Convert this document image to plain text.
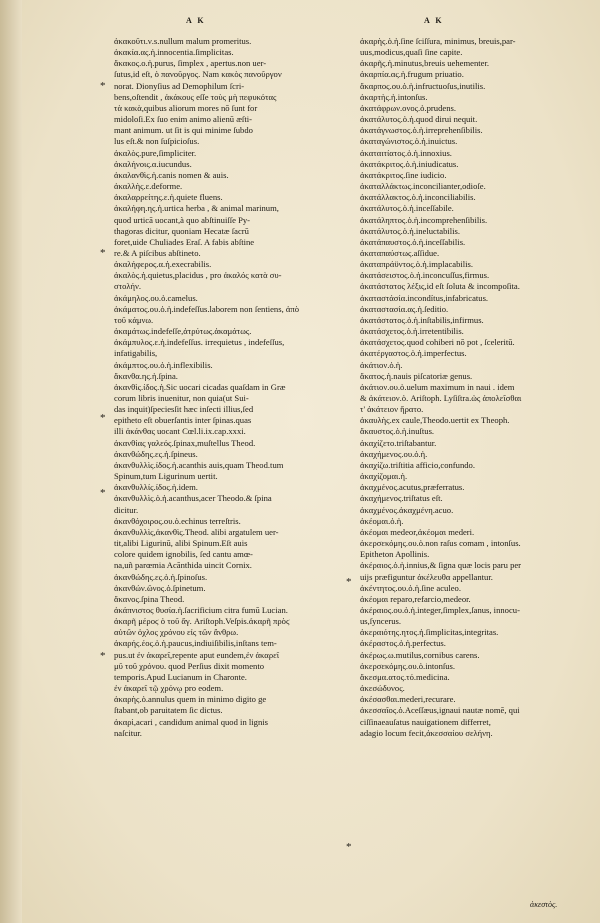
A K	A K

ἀκακοῦτι.ν.s.nullum malum promeritus.

ἀκακία.ας.ἡ.innocentia.ſimplicitas.

ἄκακος.ο.ἡ.purus, ſimplex , apertus.non uer-

ſutus,id eſt, ὁ πανοῦργος. Nam κακὸς πανοῦργον

norat. Dionyſius ad Demophilum ſcri-

bens,oſtendit , ἀκάκους eſſe τοὺς μὴ πεφυκότας

τὰ κακὰ,quibus aliorum mores nō ſunt for

midoloſi.Ex ſuo enim animo alienū æſti-

mant animum. ut ſit is qui minime ſubdo

lus eſt.& non ſuſpicioſus.

ἀκαλὸς.pure,ſimpliciter.

ἀκαλήνοις.α.iucundus.

ἀκαλανθὶς.ἡ.canis nomen & auis.

ἀκαλλὴς.ε.deforme.

ἀκαλαρρείτης.ε.ἡ.quiete fluens.

ἀκαλήφη.ης.ἡ.urtica herba , & animal marinum,

quod urticā uocant,à quo abſtinuiſſe Py-

thagoras dicitur, quoniam Hecatæ ſacrū

foret,uide Chuliades Eraſ. A fabis abſtine

re.& A piſcibus abſtineto.

ἀκαλήφερος.α.ἡ.execrabilis.

ἀκαλὸς.ἡ.quietus,placidus , pro ἀκαλός κατὰ συ-

στολήν.

ἀκάμηλος.ου.ὁ.camelus.

ἀκάματος.ου.ὁ.ἡ.indefeſſus.laborem non ſentiens, ἀπὸ

τοῦ κάμνω.

ἀκαμάτως.indefeſſe,ἀτρύτως.ἀκαμάτως.

ἀκάμπυλος.ε.ἡ.indefeſſus. irrequietus , indefeſſus,

infatigabilis,

ἀκάμπτος.ου.ὁ.ἡ.inflexibilis.

ἄκανθα.ης.ἡ.ſpina.

ἀκανθὶς.ίδος.ἡ.Sic uocari cicadas quaſdam in Græ

corum libris inuenitur, non quia(ut Sui-

das inquit)ſpeciesſit hæc inſecti illius,ſed

epitheto eſt obuerſantis inter ſpinas.quas

illi ἀκάνθας uocant Cœl.li.ix.cap.xxxi.

ἀκανθίας γαλεός.ſpinax,muſtellus Theod.

ἀκανθώδης.ες.ἡ.ſpineus.

ἀκανθυλλὶς.ίδος.ἡ.acanthis auis,quam Theod.tum

Spinum,tum Ligurinum uertit.

ἀκανθυλλίς.ίδος.ἡ.idem.

ἀκανθυλλὶς.ὁ.ἡ.acanthus,acer Theodo.& ſpina

dicitur.

ἀκανθόχοιρος.ου.ὁ.echinus terreſtris.

ἀκανθυλλὶς,ἀκανθὶς.Theod. alibi argatulem uer-

tit,alibi Ligurinū, alibi Spinum.Eſt auis

colore quidem ignobilis, ſed cantu amœ-

na,uñ parœmia Acānthida uincit Cornix.

ἀκανθώδης.ες.ὁ.ἡ.ſpinoſus.

ἀκανθών.ῶνος.ὁ.ſpinetum.

ἄκανος.ſpina Theod.

ἀκάπνιστος θυσία.ἡ.ſacrificium citra fumū Lucian.

ἀκαρῆ μέροϛ ὁ τοῦ ἄγ. Ariſtoph.Veſpis.ἀκαρῆ πρὸϛ

αὐτῶν ὀχλος χρόνου εἰς τῶν ἄνθρω.

ἀκαρής.έος.ὁ.ἡ.paucus,indiuiſibilis,inſtans tem-

pus.ut ἐν ἀκαρεῖ,repente aput eundem,ἐν ἀκαρεῖ

μῦ τοῦ χρόνου. quod Perſius dixit momento

temporis.Apud Lucianum in Charonte.

ἐν ἀκαρεῖ τῷ χρόνῳ pro eodem.

ἀκαρὴς.ὁ.annulus quem in minimo digito ge

ſtabant,ob paruitatem ſic dictus.

ἀκαρὶ,acari , candidum animal quod in lignis

naſcitur.

ἀκαρὴς.ὁ.ἡ.ſine ſciſſura, minimus, breuis,par-

uus,modicus,quaſi ſine capite.

ἀκαρῆς.ἡ.minutus,breuis uehementer.

ἀκαρπία.ας.ἡ.frugum priuatio.

ἄκαρπος.ου.ὁ.ἡ.infructuoſus,inutilis.

ἀκαρτὴς.ἡ.intonſus.

ἀκατάφρων.ονος.ὁ.prudens.

ἀκατάλυτος.ὁ.ἡ.quod dirui nequit.

ἀκατάγνωστος.ὁ.ἡ.irreprehenſibilis.

ἀκαταγώνιστος.ὁ.ἡ.inuictus.

ἀκαταιτίατος.ὁ.ἡ.innoxius.

ἀκατάκριτος.ὁ.ἡ.iniudicatus.

ἀκατάκριτος.ſine iudicio.

ἀκαταλλάκτως.inconcilianter,odioſe.

ἀκατάλλακτος.ὁ.ἡ.inconciliabilis.

ἀκατάλυτος.ὁ.ἡ.inceſſabile.

ἀκατάληπτος.ὁ.ἡ.incomprehenſibilis.

ἀκατάλυτος.ὁ.ἡ.ineluctabilis.

ἀκατάπαυστος.ὁ.ἡ.inceſſabilis.

ἀκαταπαύστως.aſſidue.

ἀκαταπράϋντος.ὁ.ἡ.implacabilis.

ἀκατάσειστος.ὁ.ἡ.inconcuſſus,firmus.

ἀκατάστατος λέξις,id eſt ſoluta & incompoſita.

ἀκαταστάσία.incondítus,infabricatus.

ἀκαταστασία.ας.ἡ.ſeditio.

ἀκατάστατος.ὁ.ἡ.inſtabilis,infirmus.

ἀκατάσχετος.ὁ.ἡ.irretentibilis.

ἀκατάσχετος.quod cohiberi nō pot , ſceleritū.

ἀκατέργαστος.ὁ.ἡ.imperfectus.

ἀκάτιον.ὁ.ἡ.

ἄκατος.ἡ.nauis piſcatoriæ genus.

ἀκάτιον.ου.ὁ.uelum maximum in naui . idem

& ἀκάτειον.ὁ. Ariſtoph. Lyſiſtra.ὡς ἀπολεῖσθαι

τ' ἀκάτειον ἤρατο.

ἀκαυλὴς.ex caule,Theodo.uertit ex Theoph.

ἄκαυστος.ὁ.ἡ.inuſtus.

ἀκαχίζετο.triſtabantur.

ἀκαχήμενος.ου.ὁ.ἡ.

ἀκαχίζω.triſtitia afficio,confundo.

ἀκαχίζομαι.ἡ.

ἀκαχμένος.acutus,præferratus.

ἀκαχήμενος.triſtatus eſt.

ἀκαχμένος.ἀκαχμένη.acuo.

ἀκέομαι.ὁ.ἡ.

ἀκέομαι medeor,ἀκέομαι mederi.

ἀκερσεκόμης.ου.ὁ.non raſus comam , intonſus.

Epitheton Apollinis.

ἀκέραιος.ὁ.ἡ.innius,& ſigna quæ locis paru per

uijs præfiguntur ἀκέλευθα appellantur.

ἀκέντητος.ου.ὁ.ἡ.ſine aculeo.

ἀκέομαι reparo,refarcio,medeor.

ἀκέραιος.ου.ὁ.ἡ.integer,ſimplex,ſanus, innocu-

us,ſyncerus.

ἀκεραιότης.ητος.ἡ.ſimplicitas,integritas.

ἀκέραστος.ὁ.ἡ.perfectus.

ἀκέρως.ω.mutilus,cornibus carens.

ἀκερσεκόμης.ου.ὁ.intonſus.

ἄκεσμα.ατος.τό.medicina.

ἀκεσώδυνος.

ἀκέσασθαι.mederi,recurare.

ἀκεσσαῖος.ὁ.Aceſſæus,ignaui nautæ nomē, qui

ciſſinaeauſatus nauigationem differret,

adagio locum fecit,ἀκεσσαίου σελήνη.

*
*
*
*
*
*
*
ἀκεστὸς.
